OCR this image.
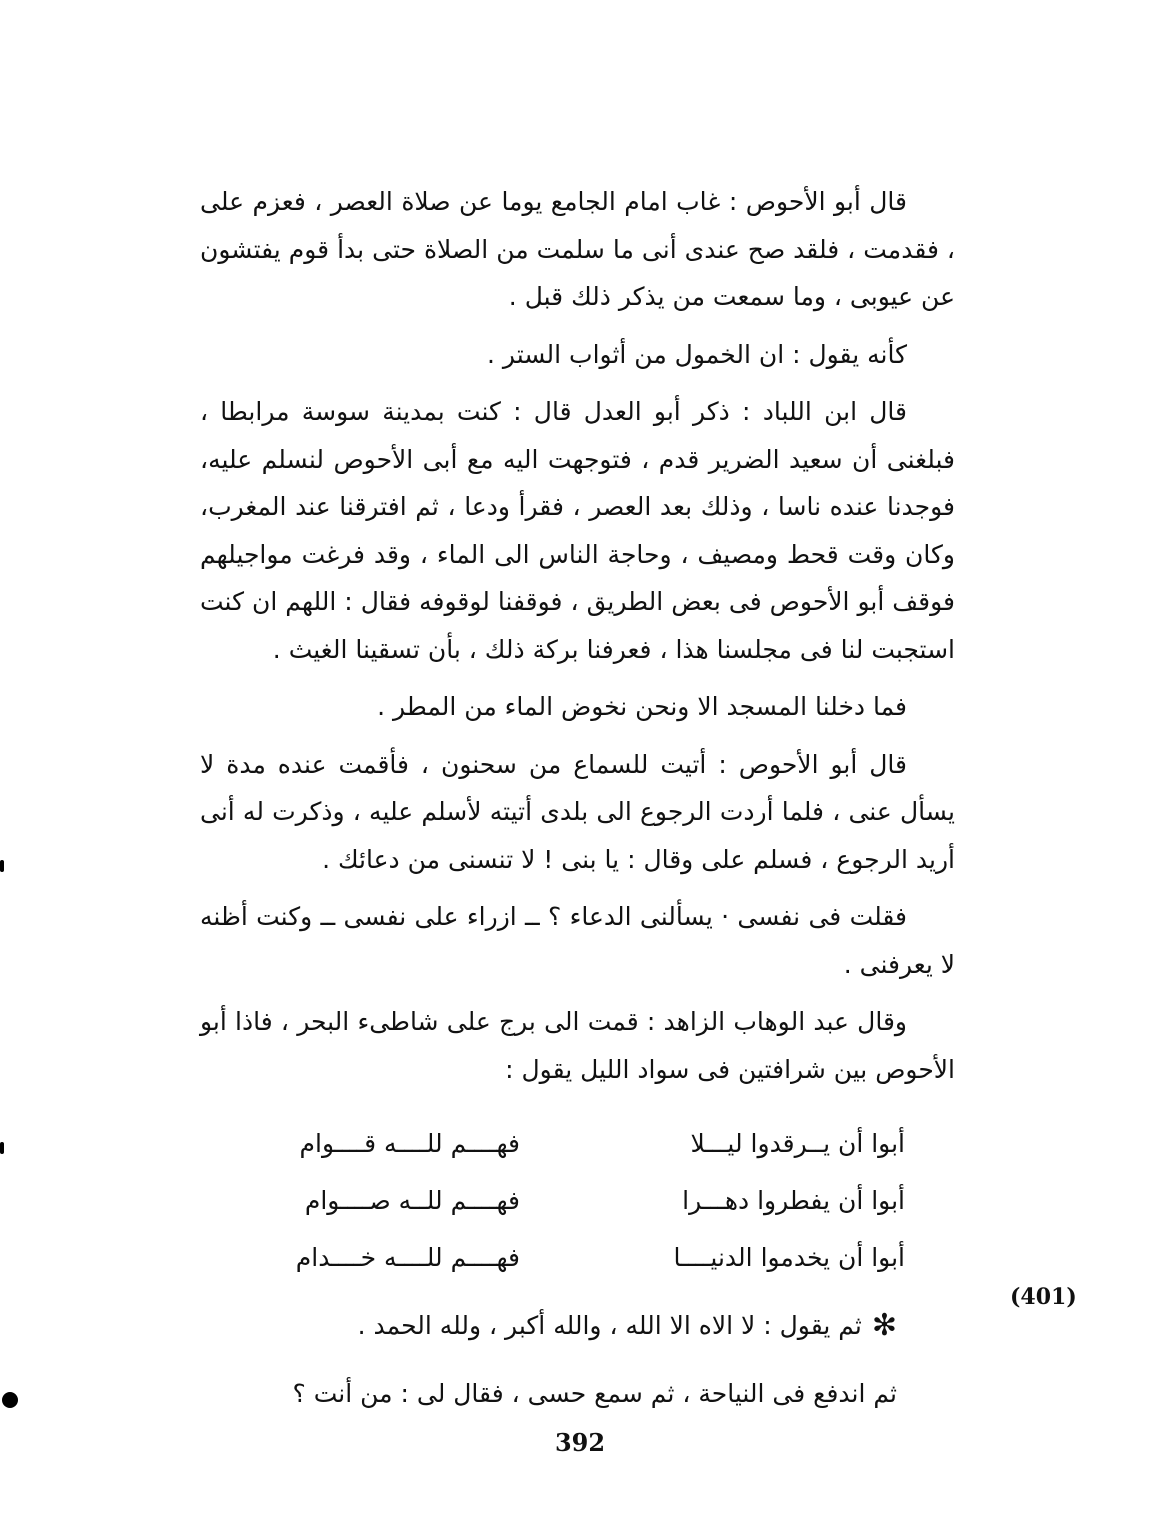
قال أبو الأحوص : غاب امام الجامع يوما عن صلاة العصر ، فعزم على ، فقدمت ، فلقد صح عندى أنى ما سلمت من الصلاة حتى بدأ قوم يفتشون عن عيوبى ، وما سمعت من يذكر ذلك قبل .

كأنه يقول : ان الخمول من أثواب الستر .

قال ابن اللباد : ذكر أبو العدل قال : كنت بمدينة سوسة مرابطا ، فبلغنى أن سعيد الضرير قدم ، فتوجهت اليه مع أبى الأحوص لنسلم عليه، فوجدنا عنده ناسا ، وذلك بعد العصر ، فقرأ ودعا ، ثم افترقنا عند المغرب، وكان وقت قحط ومصيف ، وحاجة الناس الى الماء ، وقد فرغت مواجيلهم فوقف أبو الأحوص فى بعض الطريق ، فوقفنا لوقوفه فقال : اللهم ان كنت استجبت لنا فى مجلسنا هذا ، فعرفنا بركة ذلك ، بأن تسقينا الغيث .

فما دخلنا المسجد الا ونحن نخوض الماء من المطر .

قال أبو الأحوص : أتيت للسماع من سحنون ، فأقمت عنده مدة لا يسأل عنى ، فلما أردت الرجوع الى بلدى أتيته لأسلم عليه ، وذكرت له أنى أريد الرجوع ، فسلم على وقال : يا بنى ! لا تنسنى من دعائك .

فقلت فى نفسى · يسألنى الدعاء ؟ ــ ازراء على نفسى ــ وكنت أظنه لا يعرفنى .

وقال عبد الوهاب الزاهد : قمت الى برج على شاطىء البحر ، فاذا أبو الأحوص بين شرافتين فى سواد الليل يقول :

أبوا أن يــرقدوا ليـــلا
فهــــم للــــه قــــوام
أبوا أن يفطروا دهـــرا
فهــــم للــه صــــوام
أبوا أن يخدموا الدنيــــا
فهــــم للــــه خــــدام
✻
ثم يقول : لا الاه الا الله ، والله أكبر ، ولله الحمد .
ثم اندفع فى النياحة ، ثم سمع حسى ، فقال لى : من أنت ؟
(401)
392
